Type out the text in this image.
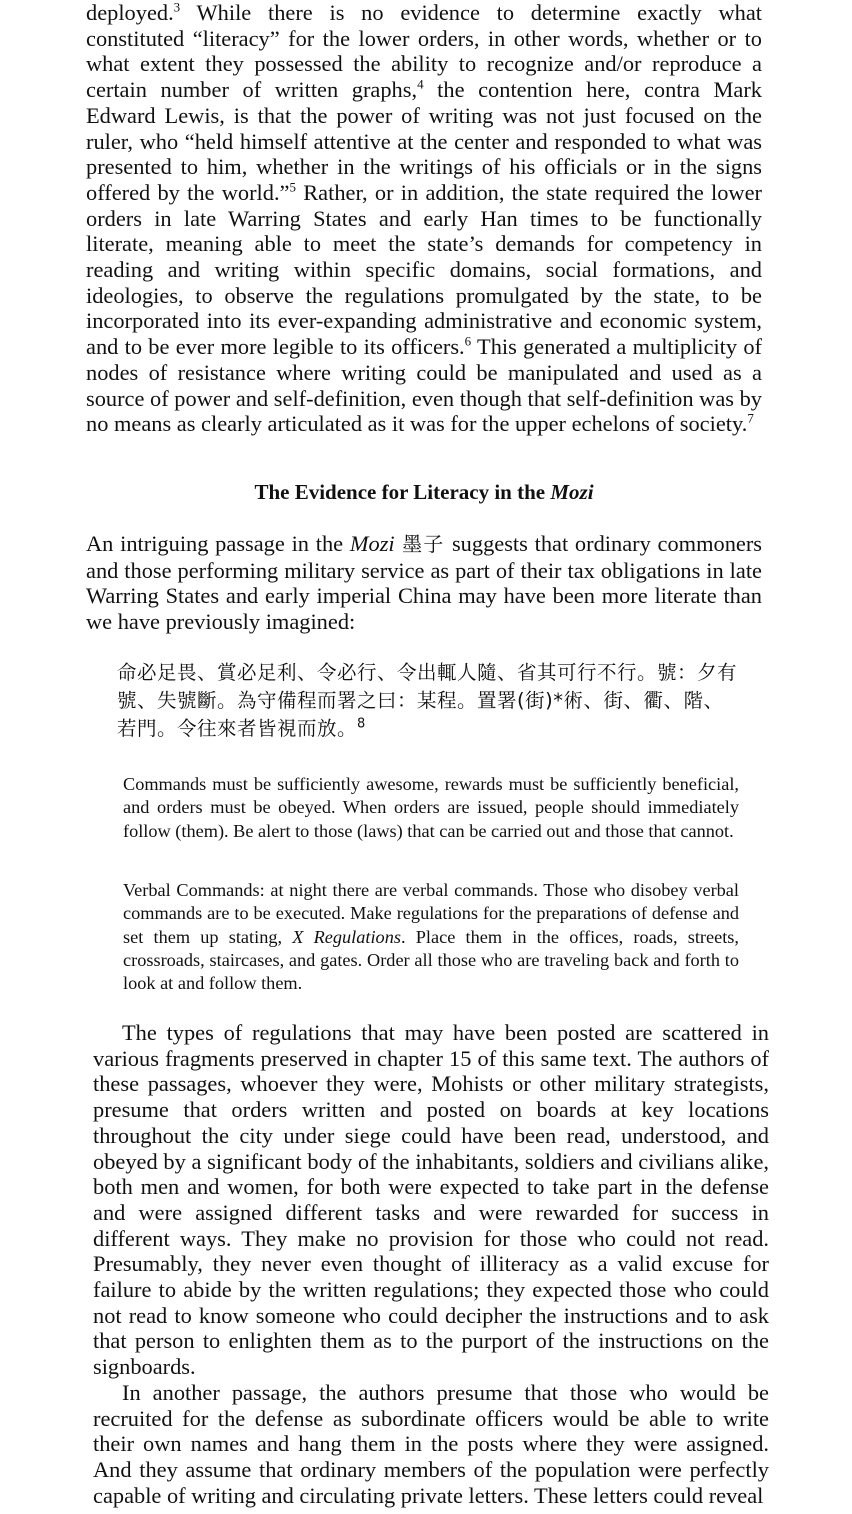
deployed.$^3$ While there is no evidence to determine exactly what constituted “literacy” for the lower orders, in other words, whether or to what extent they possessed the ability to recognize and/or reproduce a certain number of written graphs,$^4$ the contention here, contra Mark Edward Lewis, is that the power of writing was not just focused on the ruler, who “held himself attentive at the center and responded to what was presented to him, whether in the writings of his officials or in the signs offered by the world.”$^5$ Rather, or in addition, the state required the lower orders in late Warring States and early Han times to be functionally literate, meaning able to meet the state’s demands for competency in reading and writing within specific domains, social formations, and ideologies, to observe the regulations promulgated by the state, to be incorporated into its ever-expanding administrative and economic system, and to be ever more legible to its officers.$^6$ This generated a multiplicity of nodes of resistance where writing could be manipulated and used as a source of power and self-definition, even though that self-definition was by no means as clearly articulated as it was for the upper echelons of society.$^7$

The Evidence for Literacy in the Mozi

An intriguing passage in the Mozi 墨子 suggests that ordinary commoners and those performing military service as part of their tax obligations in late Warring States and early imperial China may have been more literate than we have previously imagined:

命必足畏、賞必足利、令必行、令出輒人隨、省其可行不行。號：夕有號、失號斷。為守備程而署之曰：某程。置署(街)*術、街、衢、階、若門。令往來者皆視而放。$^8$

Commands must be sufficiently awesome, rewards must be sufficiently beneficial, and orders must be obeyed. When orders are issued, people should immediately follow (them). Be alert to those (laws) that can be carried out and those that cannot.

Verbal Commands: at night there are verbal commands. Those who disobey verbal commands are to be executed. Make regulations for the preparations of defense and set them up stating, X Regulations. Place them in the offices, roads, streets, crossroads, staircases, and gates. Order all those who are traveling back and forth to look at and follow them.

The types of regulations that may have been posted are scattered in various fragments preserved in chapter 15 of this same text. The authors of these passages, whoever they were, Mohists or other military strategists, presume that orders written and posted on boards at key locations throughout the city under siege could have been read, understood, and obeyed by a significant body of the inhabitants, soldiers and civilians alike, both men and women, for both were expected to take part in the defense and were assigned different tasks and were rewarded for success in different ways. They make no provision for those who could not read. Presumably, they never even thought of illiteracy as a valid excuse for failure to abide by the written regulations; they expected those who could not read to know someone who could decipher the instructions and to ask that person to enlighten them as to the purport of the instructions on the signboards.

In another passage, the authors presume that those who would be recruited for the defense as subordinate officers would be able to write their own names and hang them in the posts where they were assigned. And they assume that ordinary members of the population were perfectly capable of writing and circulating private letters. These letters could reveal
